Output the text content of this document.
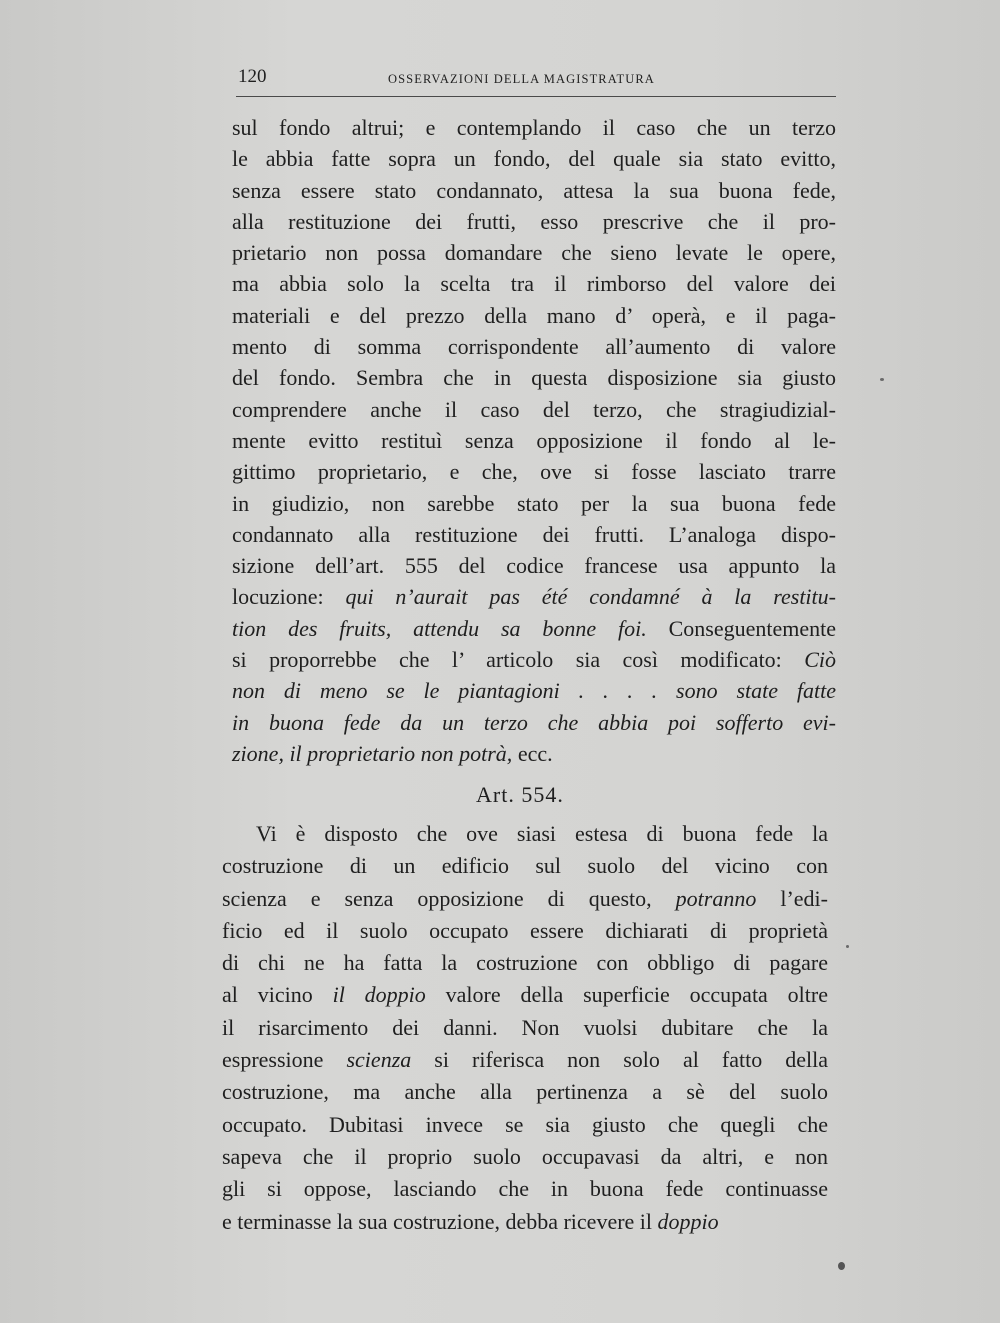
120	OSSERVAZIONI DELLA MAGISTRATURA
sul fondo altrui; e contemplando il caso che un terzo
le abbia fatte sopra un fondo, del quale sia stato evitto,
senza essere stato condannato, attesa la sua buona fede,
alla restituzione dei frutti, esso prescrive che il pro-
prietario non possa domandare che sieno levate le opere,
ma abbia solo la scelta tra il rimborso del valore dei
materiali e del prezzo della mano d’ operà, e il paga-
mento di somma corrispondente all’aumento di valore
del fondo. Sembra che in questa disposizione sia giusto
comprendere anche il caso del terzo, che stragiudizial-
mente evitto restituì senza opposizione il fondo al le-
gittimo proprietario, e che, ove si fosse lasciato trarre
in giudizio, non sarebbe stato per la sua buona fede
condannato alla restituzione dei frutti. L’analoga dispo-
sizione dell’art. 555 del codice francese usa appunto la
locuzione: qui n’aurait pas été condamné à la restitu-
tion des fruits, attendu sa bonne foi. Conseguentemente
si proporrebbe che l’ articolo sia così modificato: Ciò
non di meno se le piantagioni . . . . sono state fatte
in buona fede da un terzo che abbia poi sofferto evi-
zione, il proprietario non potrà, ecc.
Art. 554.
Vi è disposto che ove siasi estesa di buona fede la
costruzione di un edificio sul suolo del vicino con
scienza e senza opposizione di questo, potranno l’edi-
ficio ed il suolo occupato essere dichiarati di proprietà
di chi ne ha fatta la costruzione con obbligo di pagare
al vicino il doppio valore della superficie occupata oltre
il risarcimento dei danni. Non vuolsi dubitare che la
espressione scienza si riferisca non solo al fatto della
costruzione, ma anche alla pertinenza a sè del suolo
occupato. Dubitasi invece se sia giusto che quegli che
sapeva che il proprio suolo occupavasi da altri, e non
gli si oppose, lasciando che in buona fede continuasse
e terminasse la sua costruzione, debba ricevere il doppio
